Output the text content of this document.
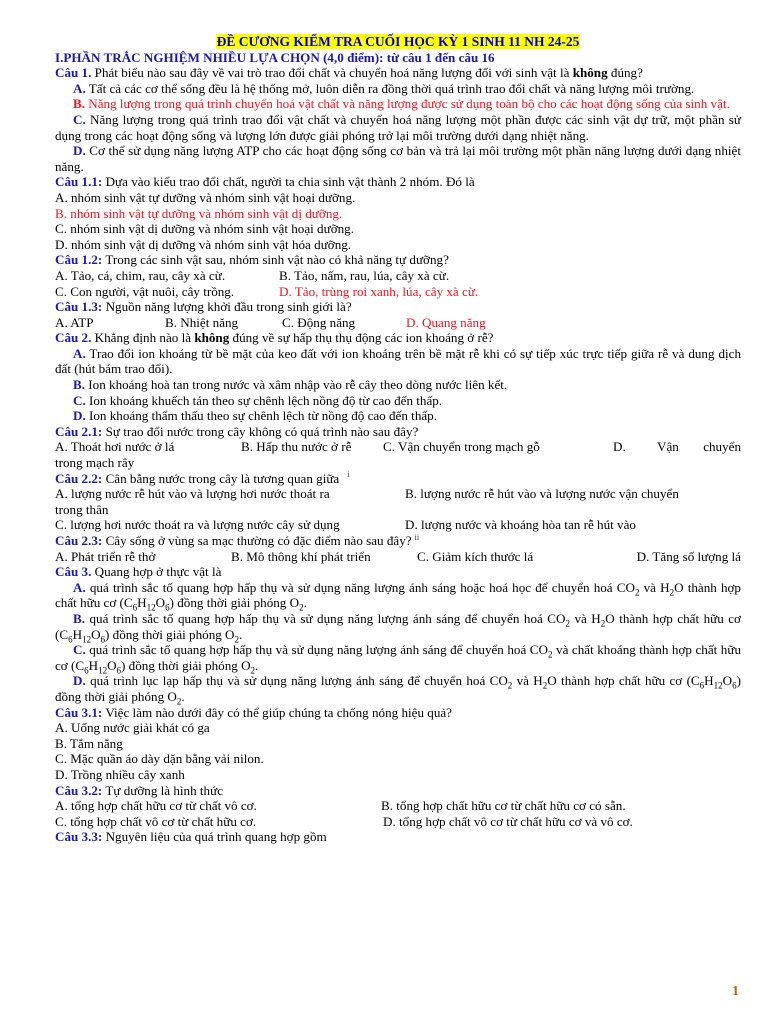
ĐỀ CƯƠNG KIẾM TRA CUỐI HỌC KỲ 1 SINH 11 NH 24-25
I.PHẦN TRẮC NGHIỆM NHIỀU LỰA CHỌN (4,0 điểm): từ câu 1 đến câu 16

Câu 1. Phát biểu nào sau đây về vai trò trao đổi chất và chuyển hoá năng lượng đối với sinh vật là không đúng?

A. Tất cả các cơ thể sống đều là hệ thống mở, luôn diễn ra đồng thời quá trình trao đổi chất và năng lượng môi trường.

B. Năng lượng trong quá trình chuyển hoá vật chất và năng lượng được sử dụng toàn bộ cho các hoạt động sống của sinh vật.

C. Năng lượng trong quá trình trao đổi vật chất và chuyển hoá năng lượng một phần được các sinh vật dự trữ, một phần sử dụng trong các hoạt động sống và lượng lớn được giải phóng trở lại môi trường dưới dạng nhiệt năng.

D. Cơ thể sử dụng năng lượng ATP cho các hoạt động sống cơ bản và trả lại môi trường một phần năng lượng dưới dạng nhiệt năng.

Câu 1.1: Dựa vào kiểu trao đổi chất, người ta chia sinh vật thành 2 nhóm. Đó là

A. nhóm sinh vật tự dưỡng và nhóm sinh vật hoại dưỡng.

B. nhóm sinh vật tự dưỡng và nhóm sinh vật dị dưỡng.

C. nhóm sinh vật dị dưỡng và nhóm sinh vật hoại dưỡng.

D. nhóm sinh vật dị dưỡng và nhóm sinh vật hóa dưỡng.

Câu 1.2: Trong các sinh vật sau, nhóm sinh vật nào có khả năng tự dưỡng?

A. Tảo, cá, chim, rau, cây xà cừ.	B. Tảo, nấm, rau, lúa, cây xà cừ.
C. Con người, vật nuôi, cây trồng.	D. Tảo, trùng roi xanh, lúa, cây xà cừ.

Câu 1.3: Nguồn năng lượng khởi đầu trong sinh giới là?

A. ATP	B. Nhiệt năng	C. Động năng	D. Quang năng

Câu 2. Khẳng định nào là không đúng về sự hấp thụ thụ động các ion khoáng ở rễ?

A. Trao đổi ion khoáng từ bề mặt của keo đất với ion khoáng trên bề mặt rễ khi có sự tiếp xúc trực tiếp giữa rễ và dung dịch đất (hút bám trao đổi).

B. Ion khoáng hoà tan trong nước và xâm nhập vào rễ cây theo dòng nước liên kết.

C. Ion khoáng khuếch tán theo sự chênh lệch nồng độ từ cao đến thấp.

D. Ion khoáng thẩm thấu theo sự chênh lệch từ nồng độ cao đến thấp.

Câu 2.1: Sự trao đổi nước trong cây không có quá trình nào sau đây?

A. Thoát hơi nước ở lá	B. Hấp thu nước ở rễ	C. Vận chuyển trong mạch gỗ	D.	Vận	chuyển

trong mạch rây

Câu 2.2: Cân bằng nước trong cây là tương quan giữa $^i$

A. lượng nước rễ hút vào và lượng hơi nước thoát ra	B. lượng nước rễ hút vào và lượng nước vận chuyển

trong thân

C. lượng hơi nước thoát ra và lượng nước cây sử dụng	D. lượng nước và khoáng hòa tan rễ hút vào

Câu 2.3: Cây sống ở vùng sa mạc thường có đặc điểm nào sau đây? $^{ii}$

A. Phát triển rễ thở	B. Mô thông khí phát triển	C. Giảm kích thước lá	D. Tăng số lượng lá

Câu 3. Quang hợp ở thực vật là

A. quá trình sắc tố quang hợp hấp thụ và sử dụng năng lượng ánh sáng hoặc hoá học để chuyển hoá $CO_2$ và $H_2O$ thành hợp chất hữu cơ $(C_6H_{12}O_6)$ đồng thời giải phóng $O_2$.

B. quá trình sắc tố quang hợp hấp thụ và sử dụng năng lượng ánh sáng để chuyển hoá $CO_2$ và $H_2O$ thành hợp chất hữu cơ $(C_6H_{12}O_6)$ đồng thời giải phóng $O_2$.

C. quá trình sắc tố quang hợp hấp thụ và sử dụng năng lượng ánh sáng để chuyển hoá $CO_2$ và chất khoáng thành hợp chất hữu cơ $(C_6H_{12}O_6)$ đồng thời giải phóng $O_2$.

D. quá trình lục lạp hấp thụ và sử dụng năng lượng ánh sáng để chuyển hoá $CO_2$ và $H_2O$ thành hợp chất hữu cơ $(C_6H_{12}O_6)$ đồng thời giải phóng $O_2$.

Câu 3.1: Việc làm nào dưới đây có thể giúp chúng ta chống nóng hiệu quả?

A. Uống nước giải khát có ga

B. Tắm nắng

C. Mặc quần áo dày dặn bằng vải nilon.

D. Trồng nhiều cây xanh

Câu 3.2: Tự dưỡng là hình thức

A. tổng hợp chất hữu cơ từ chất vô cơ.	B. tổng hợp chất hữu cơ từ chất hữu cơ có sẵn.
C. tổng hợp chất vô cơ từ chất hữu cơ.	D. tổng hợp chất vô cơ từ chất hữu cơ và vô cơ.

Câu 3.3: Nguyên liệu của quá trình quang hợp gồm

1
